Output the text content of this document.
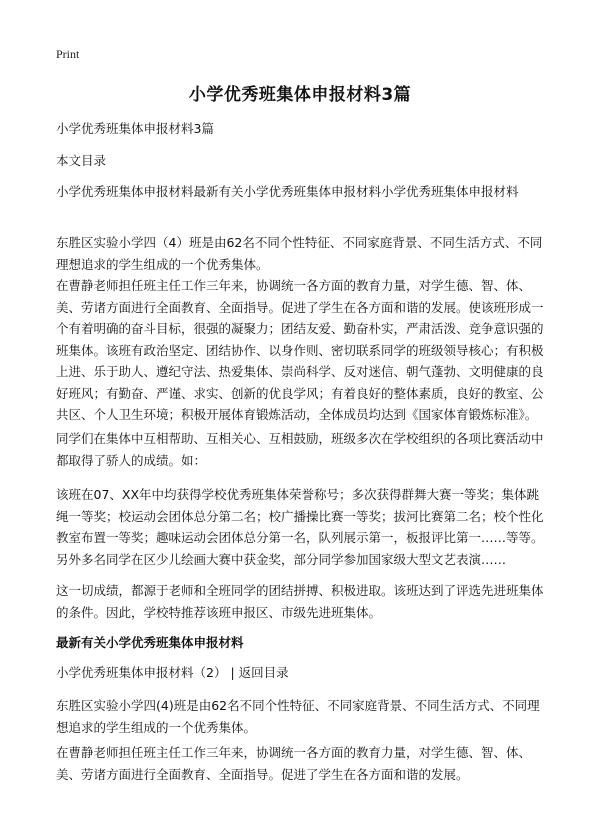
Print
小学优秀班集体申报材料3篇

小学优秀班集体申报材料3篇

本文目录

小学优秀班集体申报材料最新有关小学优秀班集体申报材料小学优秀班集体申报材料

东胜区实验小学四（4）班是由62名不同个性特征、不同家庭背景、不同生活方式、不同理想追求的学生组成的一个优秀集体。

在曹静老师担任班主任工作三年来，协调统一各方面的教育力量，对学生德、智、体、美、劳诸方面进行全面教育、全面指导。促进了学生在各方面和谐的发展。使该班形成一个有着明确的奋斗目标，很强的凝聚力；团结友爱、勤奋朴实，严肃活泼、竞争意识强的班集体。该班有政治坚定、团结协作、以身作则、密切联系同学的班级领导核心；有积极上进、乐于助人、遵纪守法、热爱集体、崇尚科学、反对迷信、朝气蓬勃、文明健康的良好班风；有勤奋、严谨、求实、创新的优良学风；有着良好的整体素质，良好的教室、公共区、个人卫生环境；积极开展体育锻炼活动，全体成员均达到《国家体育锻炼标准》。

同学们在集体中互相帮助、互相关心、互相鼓励，班级多次在学校组织的各项比赛活动中都取得了骄人的成绩。如：

该班在07、XX年中均获得学校优秀班集体荣誉称号；多次获得群舞大赛一等奖；集体跳绳一等奖；校运动会团体总分第二名；校广播操比赛一等奖；拔河比赛第二名；校个性化教室布置一等奖；趣味运动会团体总分第一名，队列展示第一，板报评比第一……等等。另外多名同学在区少儿绘画大赛中获金奖，部分同学参加国家级大型文艺表演……

这一切成绩，都源于老师和全班同学的团结拼搏、积极进取。该班达到了评选先进班集体的条件。因此，学校特推荐该班申报区、市级先进班集体。

最新有关小学优秀班集体申报材料

小学优秀班集体申报材料（2） | 返回目录

东胜区实验小学四(4)班是由62名不同个性特征、不同家庭背景、不同生活方式、不同理想追求的学生组成的一个优秀集体。

在曹静老师担任班主任工作三年来，协调统一各方面的教育力量，对学生德、智、体、美、劳诸方面进行全面教育、全面指导。促进了学生在各方面和谐的发展。
